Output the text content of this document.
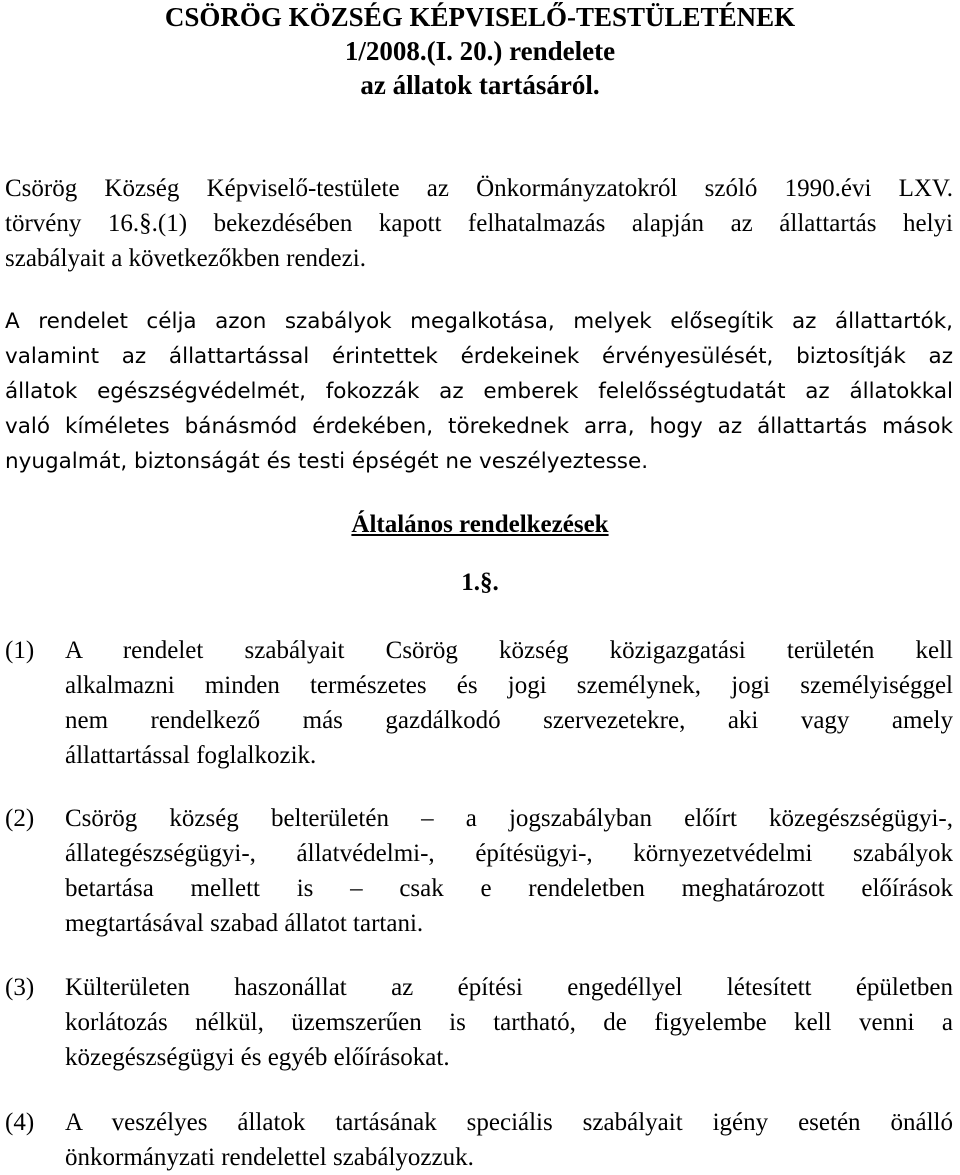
CSÖRÖG KÖZSÉG KÉPVISELŐ-TESTÜLETÉNEK
1/2008.(I. 20.) rendelete
az állatok tartásáról.
Csörög Község Képviselő-testülete az Önkormányzatokról szóló 1990.évi LXV.
törvény 16.§.(1) bekezdésében kapott felhatalmazás alapján az állattartás helyi
szabályait a következőkben rendezi.
A rendelet célja azon szabályok megalkotása, melyek elősegítik az állattartók,
valamint az állattartással érintettek érdekeinek érvényesülését, biztosítják az
állatok egészségvédelmét, fokozzák az emberek felelősségtudatát az állatokkal
való kíméletes bánásmód érdekében, törekednek arra, hogy az állattartás mások
nyugalmát, biztonságát és testi épségét ne veszélyeztesse.
Általános rendelkezések
1.§.
(1) A rendelet szabályait Csörög község közigazgatási területén kell
alkalmazni minden természetes és jogi személynek, jogi személyiséggel
nem rendelkező más gazdálkodó szervezetekre, aki vagy amely
állattartással foglalkozik.
(2) Csörög község belterületén – a jogszabályban előírt közegészségügyi-,
állategészségügyi-, állatvédelmi-, építésügyi-, környezetvédelmi szabályok
betartása mellett is – csak e rendeletben meghatározott előírások
megtartásával szabad állatot tartani.
(3) Külterületen haszonállat az építési engedéllyel létesített épületben
korlátozás nélkül, üzemszerűen is tartható, de figyelembe kell venni a
közegészségügyi és egyéb előírásokat.
(4) A veszélyes állatok tartásának speciális szabályait igény esetén önálló
önkormányzati rendelettel szabályozzuk.
